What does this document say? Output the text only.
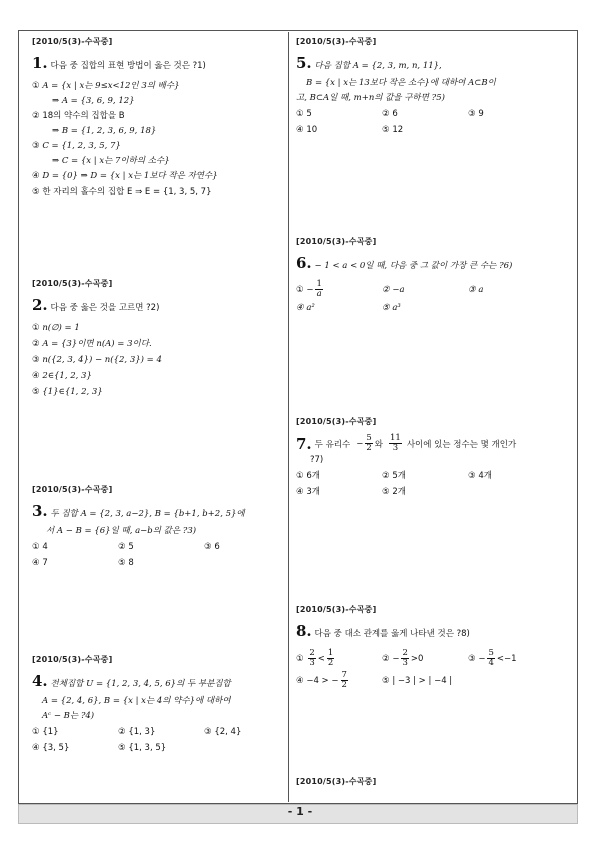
[2010/5(3)-수곡중]
1. 다음 중 집합의 표현 방법이 옳은 것은 ?1)
① A = {x | x는 9≤x<12인 3의 배수}
⇒ A = {3, 6, 9, 12}
② 18의 약수의 집합을 B
⇒ B = {1, 2, 3, 6, 9, 18}
③ C = {1, 2, 3, 5, 7}
⇒ C = {x | x는 7이하의 소수}
④ D = {0} ⇒ D = {x | x는 1보다 작은 자연수}
⑤ 한 자리의 홀수의 집합 E ⇒ E = {1, 3, 5, 7}
[2010/5(3)-수곡중]
2. 다음 중 옳은 것을 고르면 ?2)
① n(∅) = 1
② A = {3}이면 n(A) = 3이다.
③ n({2, 3, 4}) − n({2, 3}) = 4
④ 2∈{1, 2, 3}
⑤ {1}∈{1, 2, 3}
[2010/5(3)-수곡중]
3. 두 집합 A = {2, 3, a−2}, B = {b+1, b+2, 5}에
서 A − B = {6}일 때, a−b의 값은 ?3)
① 4	② 5	③ 6
④ 7	⑤ 8
[2010/5(3)-수곡중]
4. 전체집합 U = {1, 2, 3, 4, 5, 6}의 두 부분집합
A = {2, 4, 6}, B = {x | x는 4의 약수}에 대하여
Aᶜ − B는 ?4)
① {1}	② {1, 3}	③ {2, 4}
④ {3, 5}	⑤ {1, 3, 5}
[2010/5(3)-수곡중]
5. 다음 집합 A = {2, 3, m, n, 11},
B = {x | x는 13보다 작은 소수}에 대하여 A⊂B이
고, B⊂A일 때, m+n의 값을 구하면 ?5)
① 5	② 6	③ 9
④ 10	⑤ 12
[2010/5(3)-수곡중]
6. − 1 < a < 0일 때, 다음 중 그 값이 가장 큰 수는 ?6)
① − $\frac{1}{a}$	② −a	③ a
④ a²	⑤ a³
[2010/5(3)-수곡중]
7. 두 유리수 − $\frac{5}{2}$ 와 $\frac{11}{3}$ 사이에 있는 정수는 몇 개인가
?7)
① 6개	② 5개	③ 4개
④ 3개	⑤ 2개
[2010/5(3)-수곡중]
8. 다음 중 대소 관계를 옳게 나타낸 것은 ?8)
① $\frac{2}{3} < \frac{1}{2}$	② − $\frac{2}{3} >0$	③ − $\frac{5}{4} <-1$
④ −4 > − $\frac{7}{2}$	⑤ | −3 | > | −4 |
[2010/5(3)-수곡중]
- 1 -
